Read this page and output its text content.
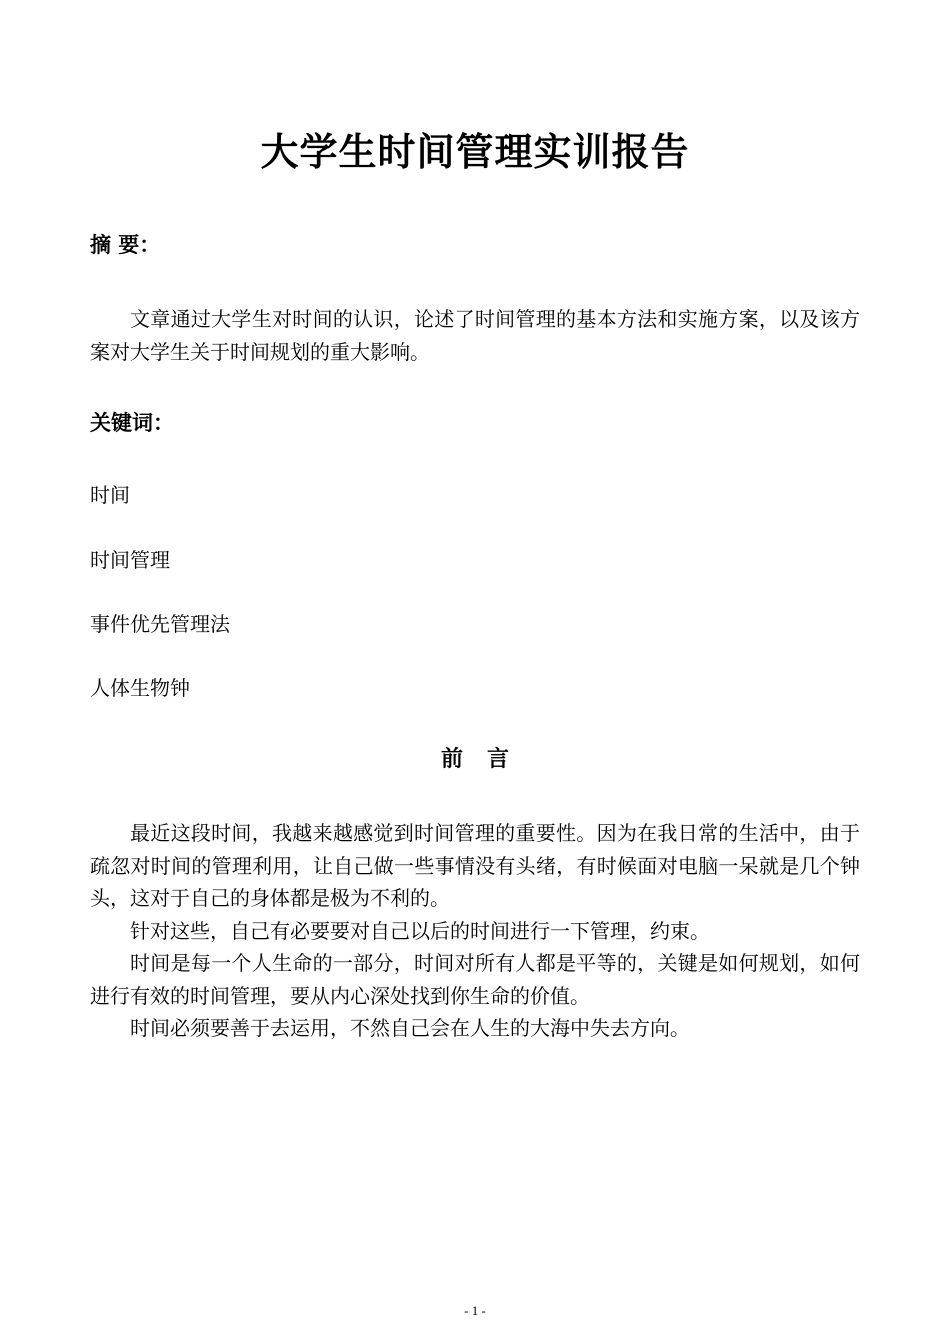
大学生时间管理实训报告
摘 要：

文章通过大学生对时间的认识，论述了时间管理的基本方法和实施方案，以及该方案对大学生关于时间规划的重大影响。

关键词：
时间
时间管理
事件优先管理法
人体生物钟
前言

最近这段时间，我越来越感觉到时间管理的重要性。因为在我日常的生活中，由于疏忽对时间的管理利用，让自己做一些事情没有头绪，有时候面对电脑一呆就是几个钟头，这对于自己的身体都是极为不利的。

针对这些，自己有必要要对自己以后的时间进行一下管理，约束。

时间是每一个人生命的一部分，时间对所有人都是平等的，关键是如何规划，如何进行有效的时间管理，要从内心深处找到你生命的价值。

时间必须要善于去运用，不然自己会在人生的大海中失去方向。

- 1 -
